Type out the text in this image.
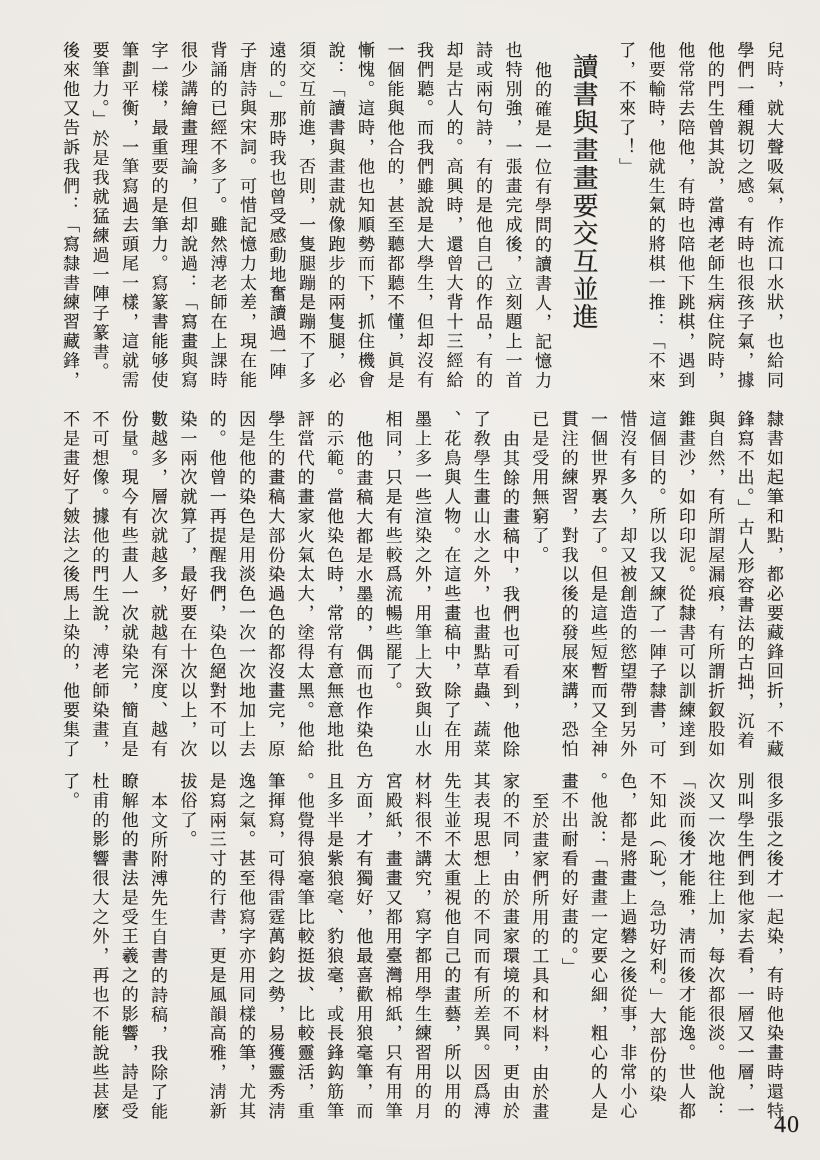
兒時，就大聲吸氣，作流口水狀，也給同
學們一種親切之感。有時也很孩子氣，據
他的門生曾其說，當溥老師生病住院時，
他常常去陪他，有時也陪他下跳棋，遇到
他要輸時，他就生氣的將棋一推：「不來
了，不來了！」
讀書與畫畫要交互並進
他的確是一位有學問的讀書人，記憶力
也特別強，一張畫完成後，立刻題上一首
詩或兩句詩，有的是他自己的作品，有的
却是古人的。高興時，還曾大背十三經給
我們聽。而我們雖說是大學生，但却沒有
一個能與他合的，甚至聽都聽不懂，眞是
慚愧。這時，他也知順勢而下，抓住機會
說：「讀書與畫畫就像跑步的兩隻腿，必
須交互前進，否則，一隻腿蹦是蹦不了多
遠的。」那時我也曾受感動地奮讀過一陣
子唐詩與宋詞。可惜記憶力太差，現在能
背誦的已經不多了。雖然溥老師在上課時
很少講繪畫理論，但却說過：「寫畫與寫
字一樣，最重要的是筆力。寫篆書能够使
筆劃平衡，一筆寫過去頭尾一樣，這就需
要筆力。」於是我就猛練過一陣子篆書。
後來他又告訴我們：「寫隸書練習藏鋒，
隸書如起筆和點，都必要藏鋒回折，不藏
鋒寫不出。」古人形容書法的古拙，沉着
與自然，有所謂屋漏痕，有所謂折釵股如
錐畫沙，如印印泥。從隸書可以訓練達到
這個目的。所以我又練了一陣子隸書，可
惜沒有多久，却又被創造的慾望帶到另外
一個世界裏去了。但是這些短暫而又全神
貫注的練習，對我以後的發展來講，恐怕
已是受用無窮了。
由其餘的畫稿中，我們也可看到，他除
了敎學生畫山水之外，也畫點草蟲、蔬菜
、花鳥與人物。在這些畫稿中，除了在用
墨上多一些渲染之外，用筆上大致與山水
相同，只是有些較爲流暢些罷了。
他的畫稿大都是水墨的，偶而也作染色
的示範。當他染色時，常常有意無意地批
評當代的畫家火氣太大，塗得太黑。他給
學生的畫稿大部份染過色的都沒畫完，原
因是他的染色是用淡色一次一次地加上去
的。他曾一再提醒我們，染色絕對不可以
染一兩次就算了，最好要在十次以上，次
數越多，層次就越多，就越有深度、越有
份量。現今有些畫人一次就染完，簡直是
不可想像。據他的門生說，溥老師染畫，
不是畫好了皴法之後馬上染的，他要集了
很多張之後才一起染，有時他染畫時還特
別叫學生們到他家去看，一層又一層，一
次又一次地往上加，每次都很淡。他說：
「淡而後才能雅，淸而後才能逸。世人都
不知此（恥），急功好利。」大部份的染
色，都是將畫上過礬之後從事，非常小心
。他說：「畫畫一定要心細，粗心的人是
畫不出耐看的好畫的。」
至於畫家們所用的工具和材料，由於畫
家的不同，由於畫家環境的不同，更由於
其表現思想上的不同而有所差異。因爲溥
先生並不太重視他自己的畫藝，所以用的
材料很不講究，寫字都用學生練習用的月
宮殿紙，畫畫又都用臺灣棉紙，只有用筆
方面，才有獨好，他最喜歡用狼毫筆，而
且多半是紫狼毫、豹狼毫，或長鋒鈎筋筆
。他覺得狼毫筆比較挺拔、比較靈活，重
筆揮寫，可得雷霆萬鈞之勢，易獲靈秀淸
逸之氣。甚至他寫字亦用同樣的筆，尤其
是寫兩三寸的行書，更是風韻高雅，淸新
拔俗了。
本文所附溥先生自書的詩稿，我除了能
瞭解他的書法是受王羲之的影響，詩是受
杜甫的影響很大之外，再也不能說些甚麼
了。
40
